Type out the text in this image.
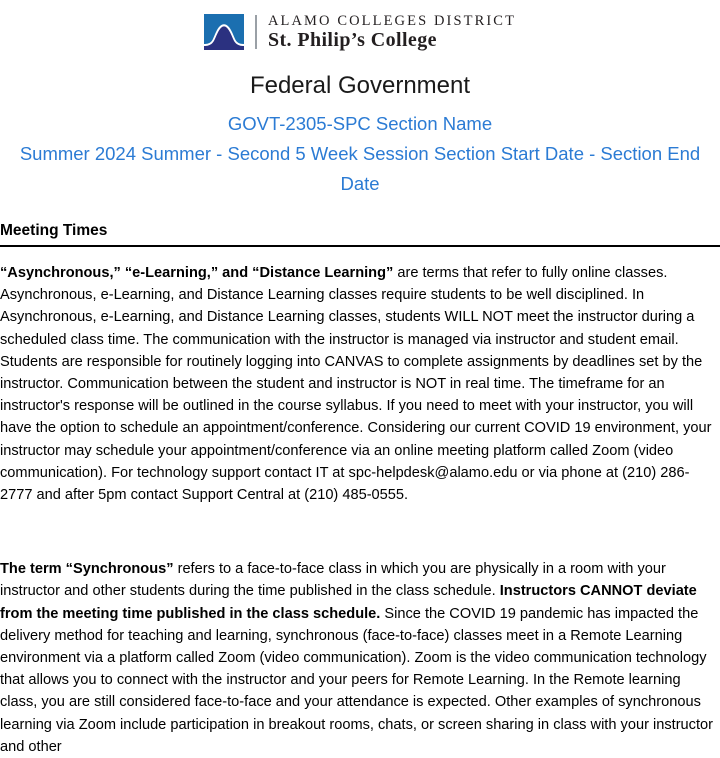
ALAMO COLLEGES DISTRICT
St. Philip’s College
Federal Government
GOVT-2305-SPC Section Name
Summer 2024 Summer - Second 5 Week Session Section Start Date - Section End Date
Meeting Times

“Asynchronous,” “e-Learning,” and “Distance Learning” are terms that refer to fully online classes. Asynchronous, e-Learning, and Distance Learning classes require students to be well disciplined. In Asynchronous, e-Learning, and Distance Learning classes, students WILL NOT meet the instructor during a scheduled class time. The communication with the instructor is managed via instructor and student email. Students are responsible for routinely logging into CANVAS to complete assignments by deadlines set by the instructor. Communication between the student and instructor is NOT in real time. The timeframe for an instructor's response will be outlined in the course syllabus. If you need to meet with your instructor, you will have the option to schedule an appointment/conference. Considering our current COVID 19 environment, your instructor may schedule your appointment/conference via an online meeting platform called Zoom (video communication). For technology support contact IT at spc-helpdesk@alamo.edu or via phone at (210) 286-2777 and after 5pm contact Support Central at (210) 485-0555.

The term “Synchronous” refers to a face-to-face class in which you are physically in a room with your instructor and other students during the time published in the class schedule. Instructors CANNOT deviate from the meeting time published in the class schedule. Since the COVID 19 pandemic has impacted the delivery method for teaching and learning, synchronous (face-to-face) classes meet in a Remote Learning environment via a platform called Zoom (video communication). Zoom is the video communication technology that allows you to connect with the instructor and your peers for Remote Learning. In the Remote learning class, you are still considered face-to-face and your attendance is expected. Other examples of synchronous learning via Zoom include participation in breakout rooms, chats, or screen sharing in class with your instructor and other
